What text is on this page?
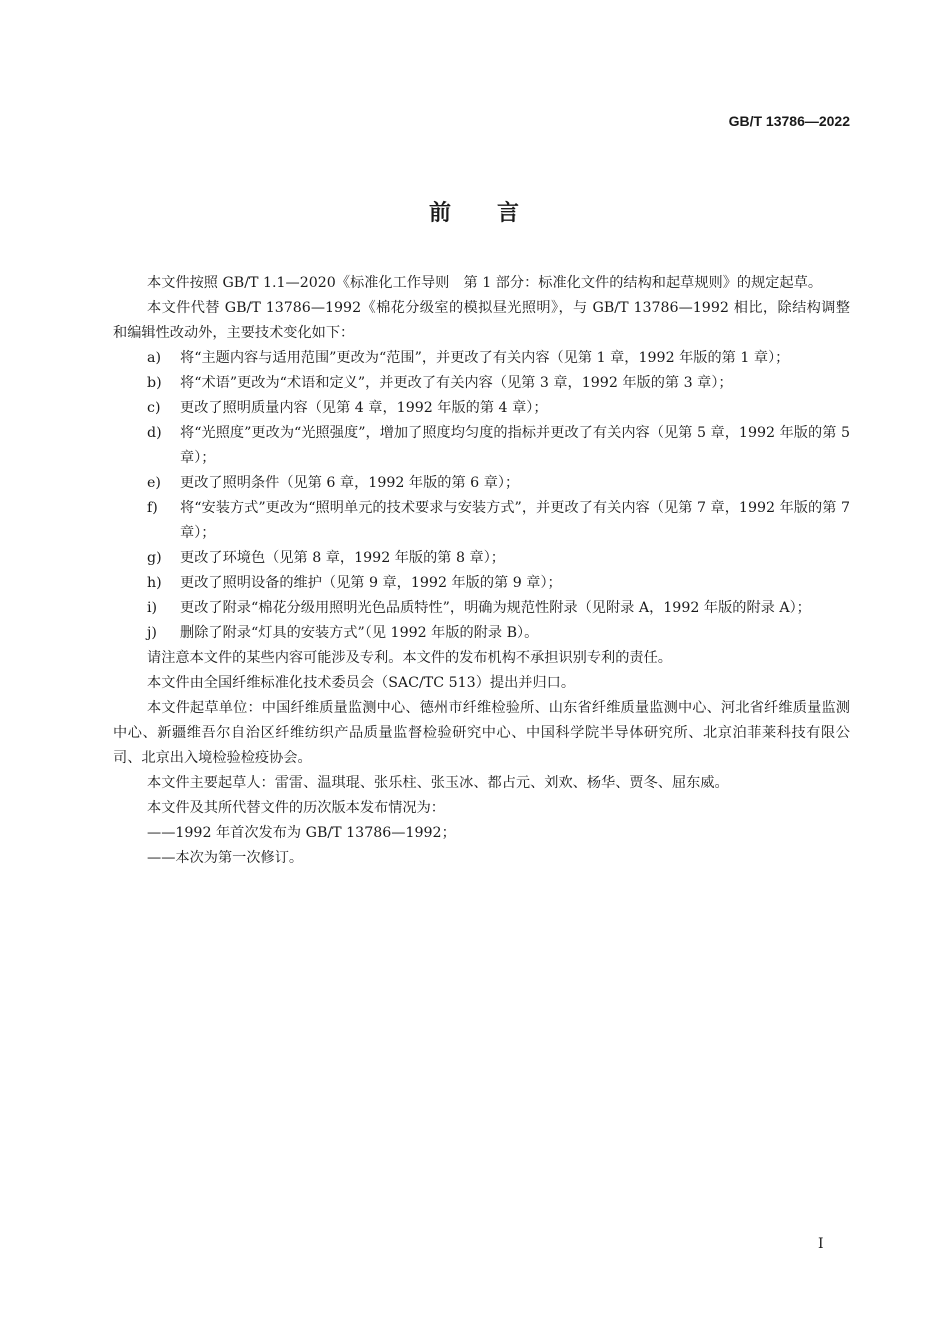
GB/T 13786—2022
前 言

本文件按照 GB/T 1.1—2020《标准化工作导则　第 1 部分：标准化文件的结构和起草规则》的规定起草。

本文件代替 GB/T 13786—1992《棉花分级室的模拟昼光照明》，与 GB/T 13786—1992 相比，除结构调整和编辑性改动外，主要技术变化如下：

a) 将“主题内容与适用范围”更改为“范围”，并更改了有关内容（见第 1 章，1992 年版的第 1 章）；

b) 将“术语”更改为“术语和定义”，并更改了有关内容（见第 3 章，1992 年版的第 3 章）；

c) 更改了照明质量内容（见第 4 章，1992 年版的第 4 章）；

d) 将“光照度”更改为“光照强度”，增加了照度均匀度的指标并更改了有关内容（见第 5 章，1992 年版的第 5 章）；

e) 更改了照明条件（见第 6 章，1992 年版的第 6 章）；

f) 将“安装方式”更改为“照明单元的技术要求与安装方式”，并更改了有关内容（见第 7 章，1992 年版的第 7 章）；

g) 更改了环境色（见第 8 章，1992 年版的第 8 章）；

h) 更改了照明设备的维护（见第 9 章，1992 年版的第 9 章）；

i) 更改了附录“棉花分级用照明光色品质特性”，明确为规范性附录（见附录 A，1992 年版的附录 A）；

j) 删除了附录“灯具的安装方式”（见 1992 年版的附录 B）。

请注意本文件的某些内容可能涉及专利。本文件的发布机构不承担识别专利的责任。

本文件由全国纤维标准化技术委员会（SAC/TC 513）提出并归口。

本文件起草单位：中国纤维质量监测中心、德州市纤维检验所、山东省纤维质量监测中心、河北省纤维质量监测中心、新疆维吾尔自治区纤维纺织产品质量监督检验研究中心、中国科学院半导体研究所、北京泊菲莱科技有限公司、北京出入境检验检疫协会。

本文件主要起草人：雷雷、温琪琨、张乐柱、张玉冰、都占元、刘欢、杨华、贾冬、屈东威。

本文件及其所代替文件的历次版本发布情况为：

——1992 年首次发布为 GB/T 13786—1992；

——本次为第一次修订。

I
